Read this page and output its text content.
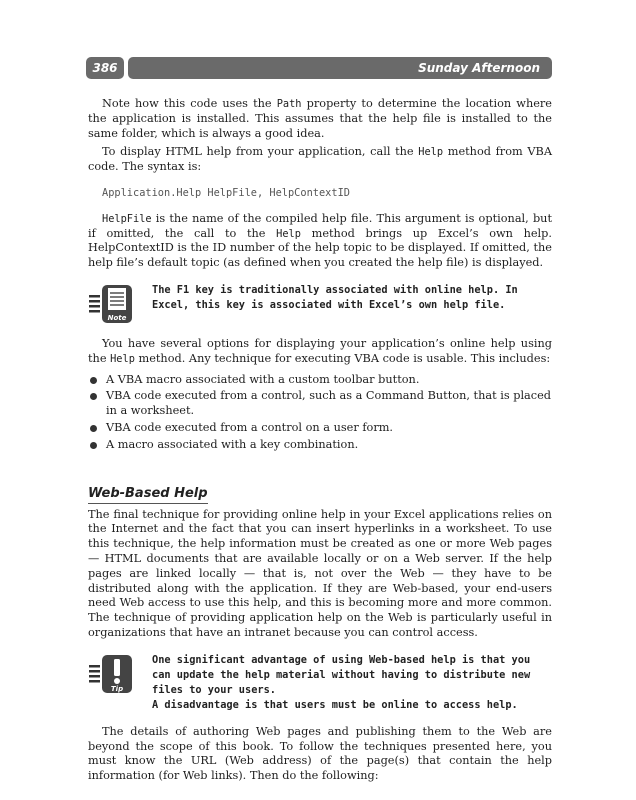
386	Sunday Afternoon

Note how this code uses the Path property to determine the location where the application is installed. This assumes that the help file is installed to the same folder, which is always a good idea.

To display HTML help from your application, call the Help method from VBA code. The syntax is:

Application.Help HelpFile, HelpContextID

HelpFile is the name of the compiled help file. This argument is optional, but if omitted, the call to the Help method brings up Excel’s own help. HelpContextID is the ID number of the help topic to be displayed. If omitted, the help file’s default topic (as defined when you created the help file) is displayed.

Note
The F1 key is traditionally associated with online help. In Excel, this key is associated with Excel’s own help file.

You have several options for displaying your application’s online help using the Help method. Any technique for executing VBA code is usable. This includes:

A VBA macro associated with a custom toolbar button.
VBA code executed from a control, such as a Command Button, that is placed in a worksheet.
VBA code executed from a control on a user form.
A macro associated with a key combination.
Web-Based Help

The final technique for providing online help in your Excel applications relies on the Internet and the fact that you can insert hyperlinks in a worksheet. To use this technique, the help information must be created as one or more Web pages — HTML documents that are available locally or on a Web server. If the help pages are linked locally — that is, not over the Web — they have to be distributed along with the application. If they are Web-based, your end-users need Web access to use this help, and this is becoming more and more common. The technique of providing application help on the Web is particularly useful in organizations that have an intranet because you can control access.

Tip
One significant advantage of using Web-based help is that you can update the help material without having to distribute new files to your users.
A disadvantage is that users must be online to access help.

The details of authoring Web pages and publishing them to the Web are beyond the scope of this book. To follow the techniques presented here, you must know the URL (Web address) of the page(s) that contain the help information (for Web links). Then do the following:
